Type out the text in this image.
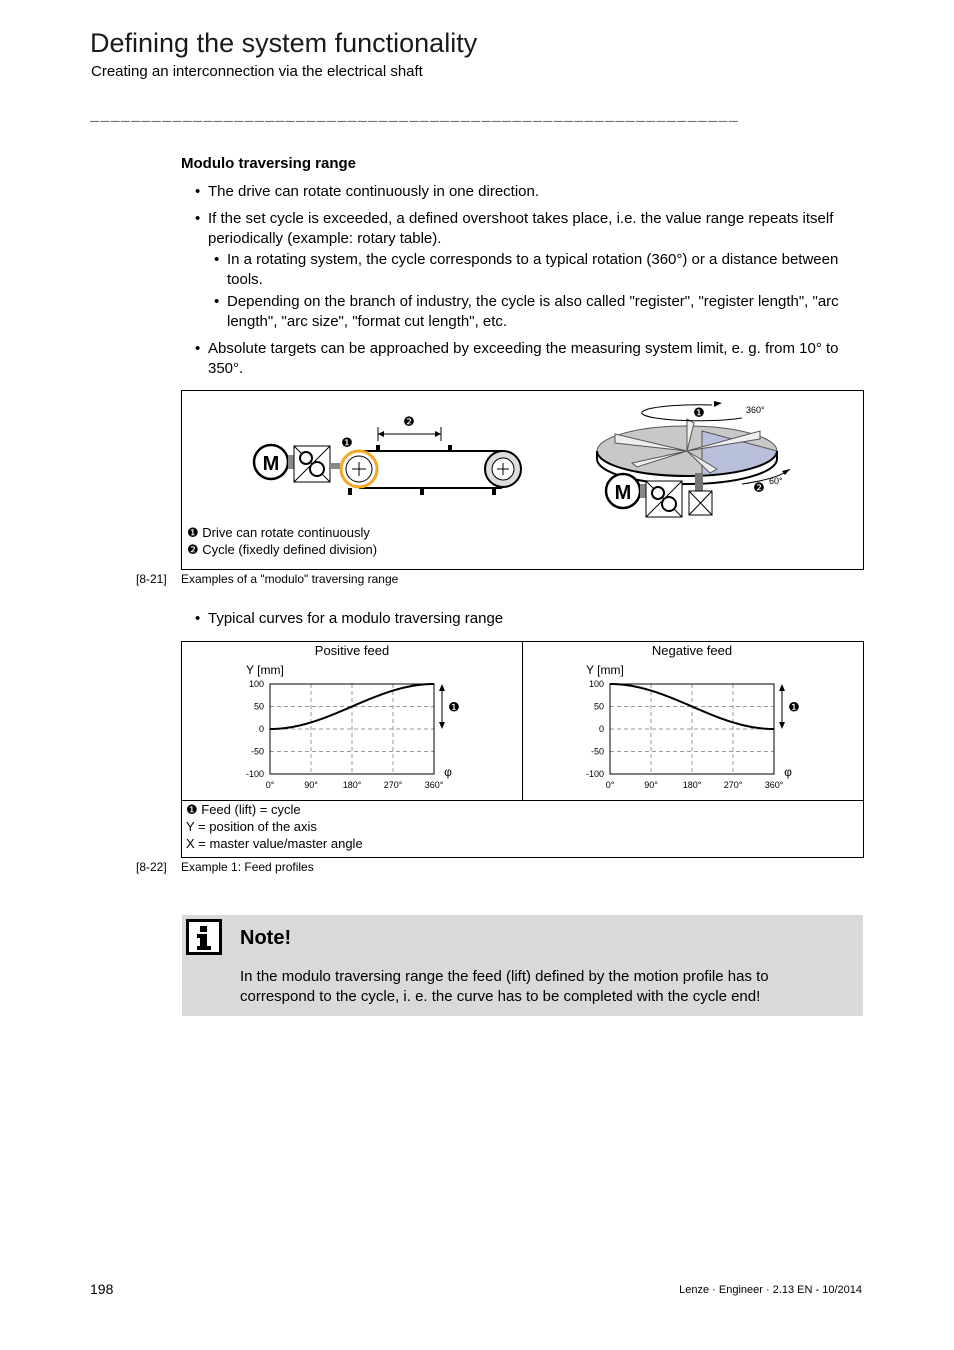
Defining the system functionality
Creating an interconnection via the electrical shaft
_______________________________________________________________
Modulo traversing range
• The drive can rotate continuously in one direction.
• If the set cycle is exceeded, a defined overshoot takes place, i.e. the value range repeats itself periodically (example: rotary table).
• In a rotating system, the cycle corresponds to a typical rotation (360°) or a distance between tools.
• Depending on the branch of industry, the cycle is also called "register", "register length", "arc length", "arc size", "format cut length", etc.
• Absolute targets can be approached by exceeding the measuring system limit, e. g. from 10° to 350°.
M
❷
❶
M
❶	360°
❷ 60°
❶ Drive can rotate continuously
❷ Cycle (fixedly defined division)
[8-21] Examples of a "modulo" traversing range
• Typical curves for a modulo traversing range
Positive feed
Y [mm]
100
50
0
-50
-100
0°	90°	180° 270° 360°
φ
❶
Negative feed
Y [mm]
100
50
0
-50
-100
0°	90°	180° 270° 360°
φ
❶
❶ Feed (lift) = cycle
Y = position of the axis
X = master value/master angle
[8-22] Example 1: Feed profiles
Note!
In the modulo traversing range the feed (lift) defined by the motion profile has to correspond to the cycle, i. e. the curve has to be completed with the cycle end!
198	Lenze · Engineer · 2.13 EN - 10/2014
